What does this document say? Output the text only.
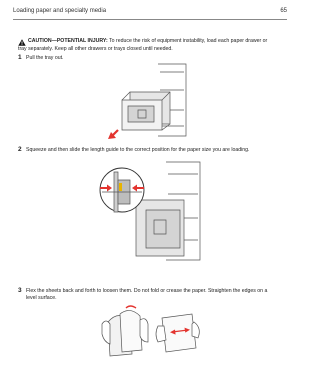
Loading paper and specialty media	65
CAUTION—POTENTIAL INJURY: To reduce the risk of equipment instability, load each paper drawer or
tray separately. Keep all other drawers or trays closed until needed.
1 Pull the tray out.
2 Squeeze and then slide the length guide to the correct position for the paper size you are loading.
3 Flex the sheets back and forth to loosen them. Do not fold or crease the paper. Straighten the edges on a
level surface.
